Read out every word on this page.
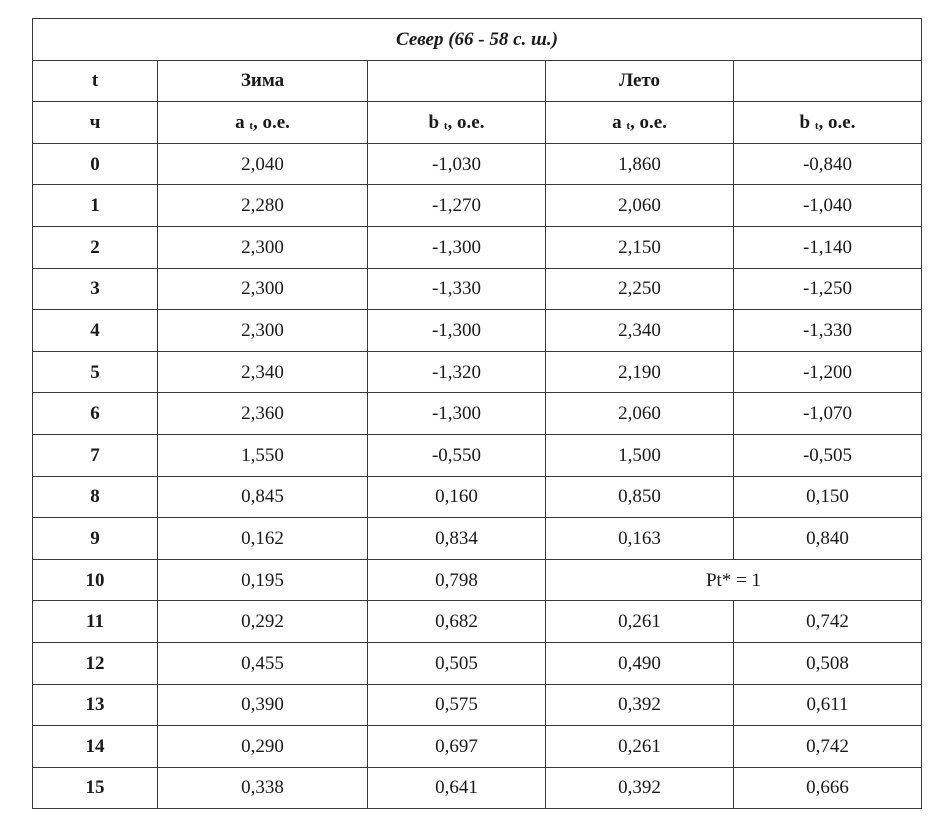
Север (66 - 58 с. ш.)				
t	Зима		Лето	
ч	a t, о.е.	b t, о.е.	a t, о.е.	b t, о.е.
0	2,040	-1,030	1,860	-0,840
1	2,280	-1,270	2,060	-1,040
2	2,300	-1,300	2,150	-1,140
3	2,300	-1,330	2,250	-1,250
4	2,300	-1,300	2,340	-1,330
5	2,340	-1,320	2,190	-1,200
6	2,360	-1,300	2,060	-1,070
7	1,550	-0,550	1,500	-0,505
8	0,845	0,160	0,850	0,150
9	0,162	0,834	0,163	0,840
10	0,195	0,798	Pt* = 1	
11	0,292	0,682	0,261	0,742
12	0,455	0,505	0,490	0,508
13	0,390	0,575	0,392	0,611
14	0,290	0,697	0,261	0,742
15	0,338	0,641	0,392	0,666
